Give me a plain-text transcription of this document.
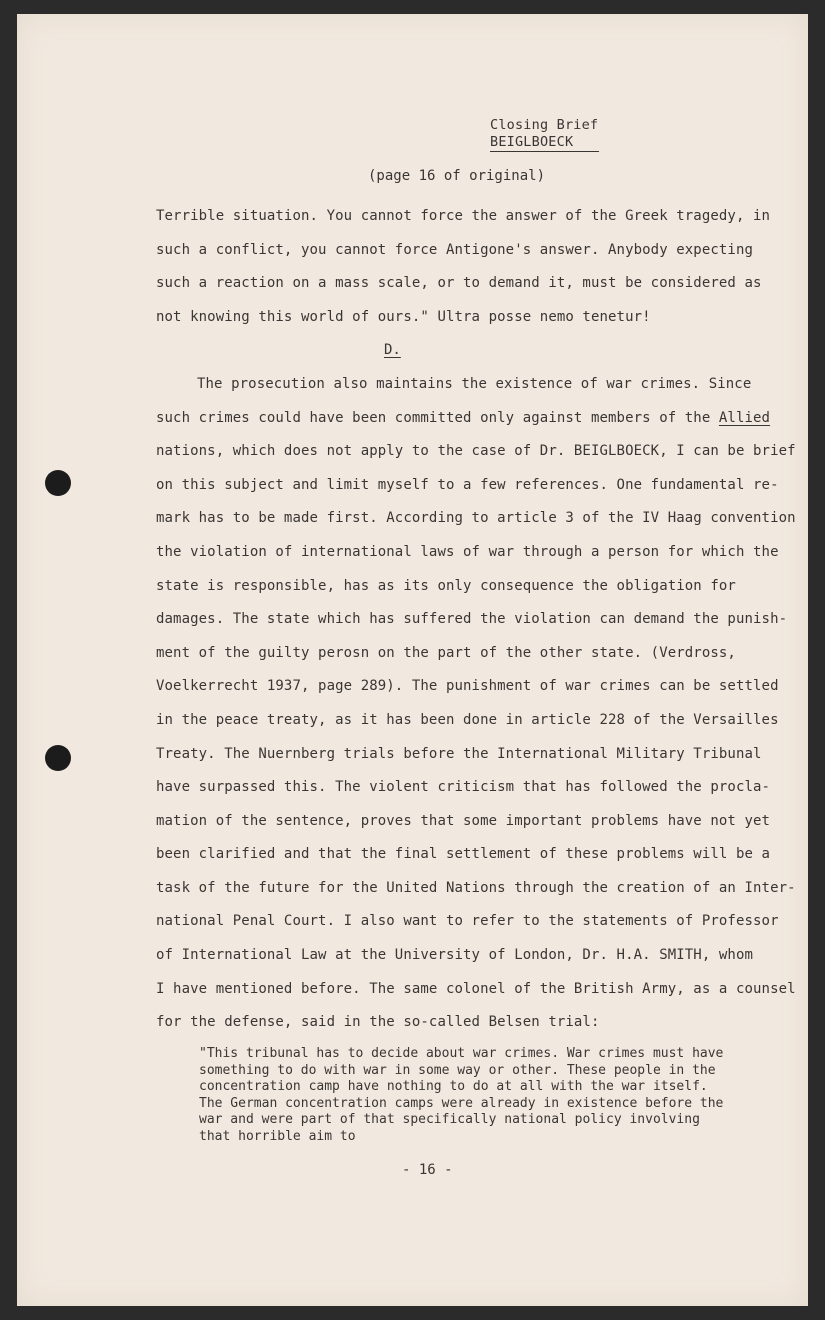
Closing Brief
BEIGLBOECK
(page 16 of original)
Terrible situation. You cannot force the answer of the Greek tragedy, in
such a conflict, you cannot force Antigone's answer. Anybody expecting
such a reaction on a mass scale, or to demand it, must be considered as
not knowing this world of ours." Ultra posse nemo tenetur!
D.
The prosecution also maintains the existence of war crimes. Since
such crimes could have been committed only against members of the Allied
nations, which does not apply to the case of Dr. BEIGLBOECK, I can be brief
on this subject and limit myself to a few references. One fundamental re-
mark has to be made first. According to article 3 of the IV Haag convention
the violation of international laws of war through a person for which the
state is responsible, has as its only consequence the obligation for
damages. The state which has suffered the violation can demand the punish-
ment of the guilty perosn on the part of the other state. (Verdross,
Voelkerrecht 1937, page 289). The punishment of war crimes can be settled
in the peace treaty, as it has been done in article 228 of the Versailles
Treaty. The Nuernberg trials before the International Military Tribunal
have surpassed this. The violent criticism that has followed the procla-
mation of the sentence, proves that some important problems have not yet
been clarified and that the final settlement of these problems will be a
task of the future for the United Nations through the creation of an Inter-
national Penal Court. I also want to refer to the statements of Professor
of International Law at the University of London, Dr. H.A. SMITH, whom
I have mentioned before. The same colonel of the British Army, as a counsel
for the defense, said in the so-called Belsen trial:
"This tribunal has to decide about war crimes. War crimes must have
something to do with war in some way or other. These people in the
concentration camp have nothing to do at all with the war itself.
The German concentration camps were already in existence before the
war and were part of that specifically national policy involving
that horrible aim to
- 16 -
